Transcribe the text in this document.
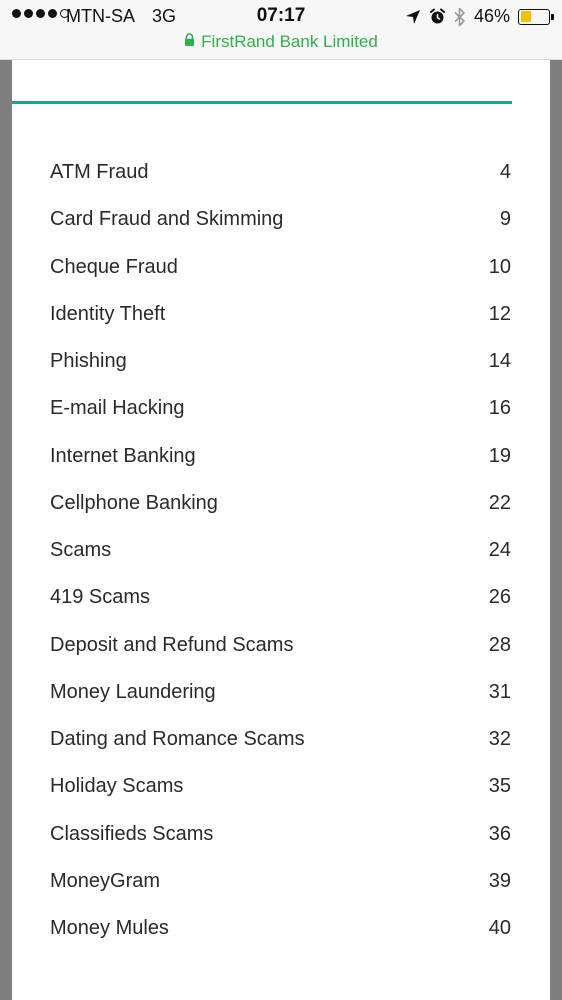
MTN-SA 3G	07:17	46%
FirstRand Bank Limited
ATM Fraud	4
Card Fraud and Skimming	9
Cheque Fraud	10
Identity Theft	12
Phishing	14
E-mail Hacking	16
Internet Banking	19
Cellphone Banking	22
Scams	24
419 Scams	26
Deposit and Refund Scams	28
Money Laundering	31
Dating and Romance Scams	32
Holiday Scams	35
Classifieds Scams	36
MoneyGram	39
Money Mules	40
